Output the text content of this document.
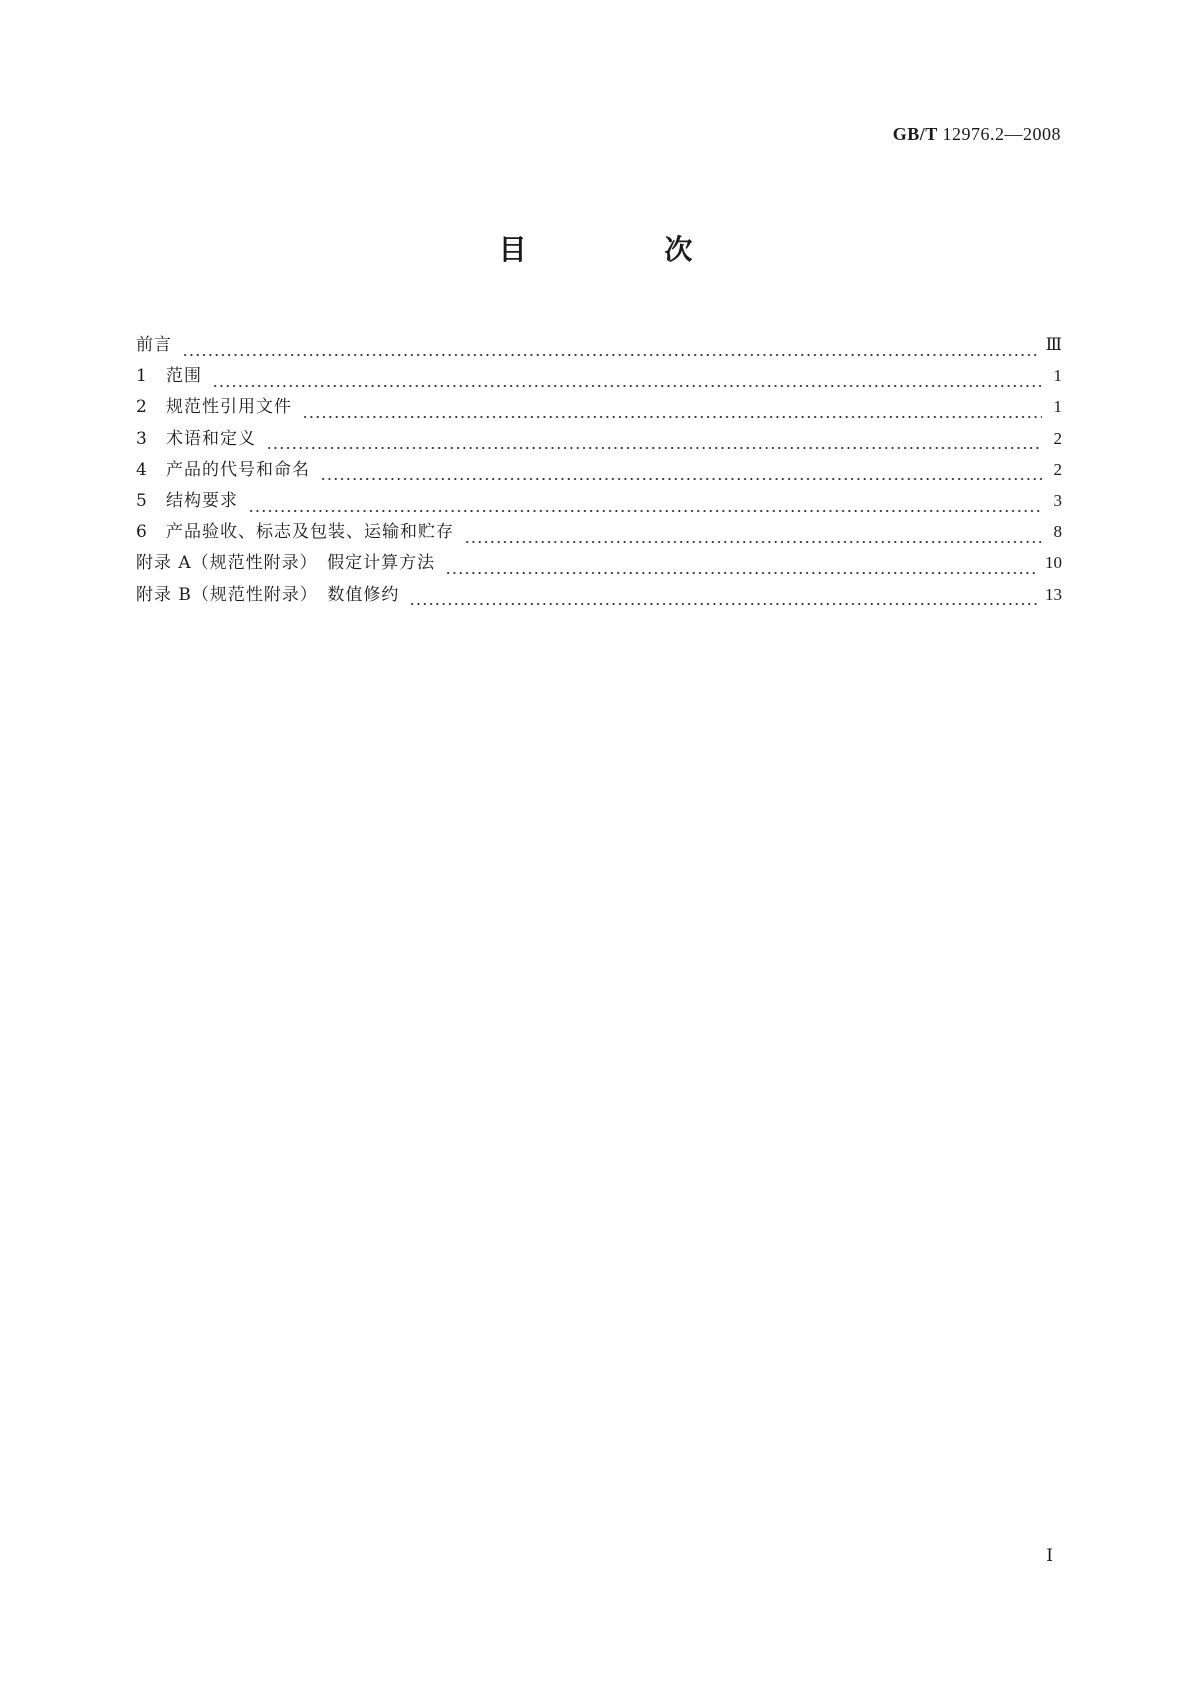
GB/T 12976.2—2008
目 次
前言	Ⅲ
1	范围	1
2	规范性引用文件	1
3	术语和定义	2
4	产品的代号和命名	2
5	结构要求	3
6	产品验收、标志及包装、运输和贮存	8
附录 A（规范性附录）　假定计算方法	10
附录 B（规范性附录）　数值修约	13
Ⅰ
